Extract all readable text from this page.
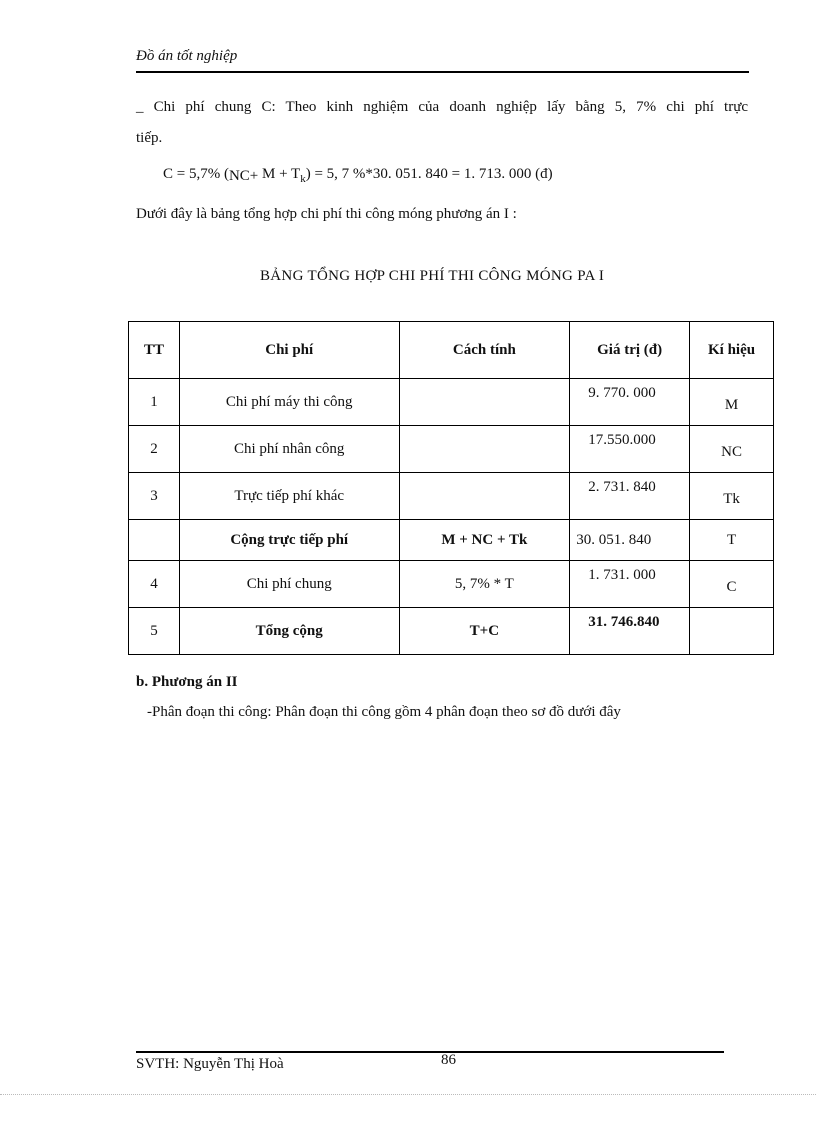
Đồ án tốt nghiệp
_ Chi phí chung C: Theo kinh nghiệm của doanh nghiệp lấy bằng 5, 7% chi phí trực
tiếp.
C = 5,7% $(NC+ M + T_k) = 5$, 7 %*30. 051. 840 = 1. 713. 000 (đ)
Dưới đây là bảng tổng hợp chi phí thi công móng phương án I :
BẢNG TỔNG HỢP CHI PHÍ THI CÔNG MÓNG PA I
TT	Chi phí	Cách tính	Giá trị (đ)	Kí hiệu
1	Chi phí máy thi công		9. 770. 000	M
2	Chi phí nhân công		17.550.000	NC
3	Trực tiếp phí khác		2. 731. 840	Tk
	Cộng trực tiếp phí	M + NC + Tk	30. 051. 840	T
4	Chi phí chung	5, 7% * T	1. 731. 000	C
5	Tổng cộng	T+C	31. 746.840	
b. Phương án II
-Phân đoạn thi công: Phân đoạn thi công gồm 4 phân đoạn theo sơ đồ dưới đây
SVTH: Nguyễn Thị Hoà	86
